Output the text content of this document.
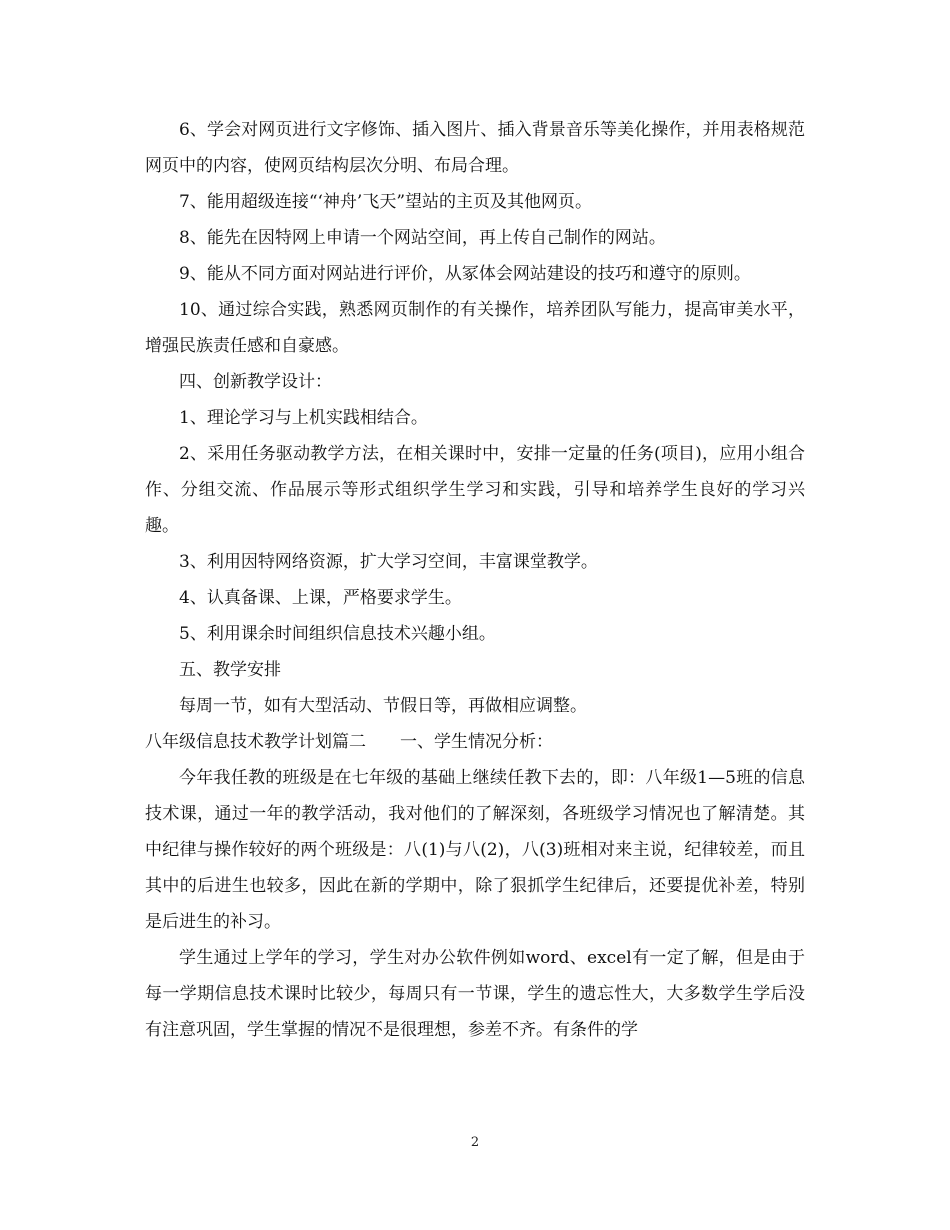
6、学会对网页进行文字修饰、插入图片、插入背景音乐等美化操作，并用表格规范网页中的内容，使网页结构层次分明、布局合理。

7、能用超级连接“‘神舟’飞天”望站的主页及其他网页。

8、能先在因特网上申请一个网站空间，再上传自己制作的网站。

9、能从不同方面对网站进行评价，从冢体会网站建设的技巧和遵守的原则。

10、通过综合实践，熟悉网页制作的有关操作，培养团队写能力，提高审美水平，增强民族责任感和自豪感。

四、创新教学设计：

1、理论学习与上机实践相结合。

2、采用任务驱动教学方法，在相关课时中，安排一定量的任务(项目)，应用小组合作、分组交流、作品展示等形式组织学生学习和实践，引导和培养学生良好的学习兴趣。

3、利用因特网络资源，扩大学习空间，丰富课堂教学。

4、认真备课、上课，严格要求学生。

5、利用课余时间组织信息技术兴趣小组。

五、教学安排

每周一节，如有大型活动、节假日等，再做相应调整。

八年级信息技术教学计划篇二　　一、学生情况分析：

今年我任教的班级是在七年级的基础上继续任教下去的，即：八年级1—5班的信息技术课，通过一年的教学活动，我对他们的了解深刻，各班级学习情况也了解清楚。其中纪律与操作较好的两个班级是：八(1)与八(2)，八(3)班相对来主说，纪律较差，而且其中的后进生也较多，因此在新的学期中，除了狠抓学生纪律后，还要提优补差，特别是后进生的补习。

学生通过上学年的学习，学生对办公软件例如word、excel有一定了解，但是由于每一学期信息技术课时比较少，每周只有一节课，学生的遗忘性大，大多数学生学后没有注意巩固，学生掌握的情况不是很理想，参差不齐。有条件的学

2
